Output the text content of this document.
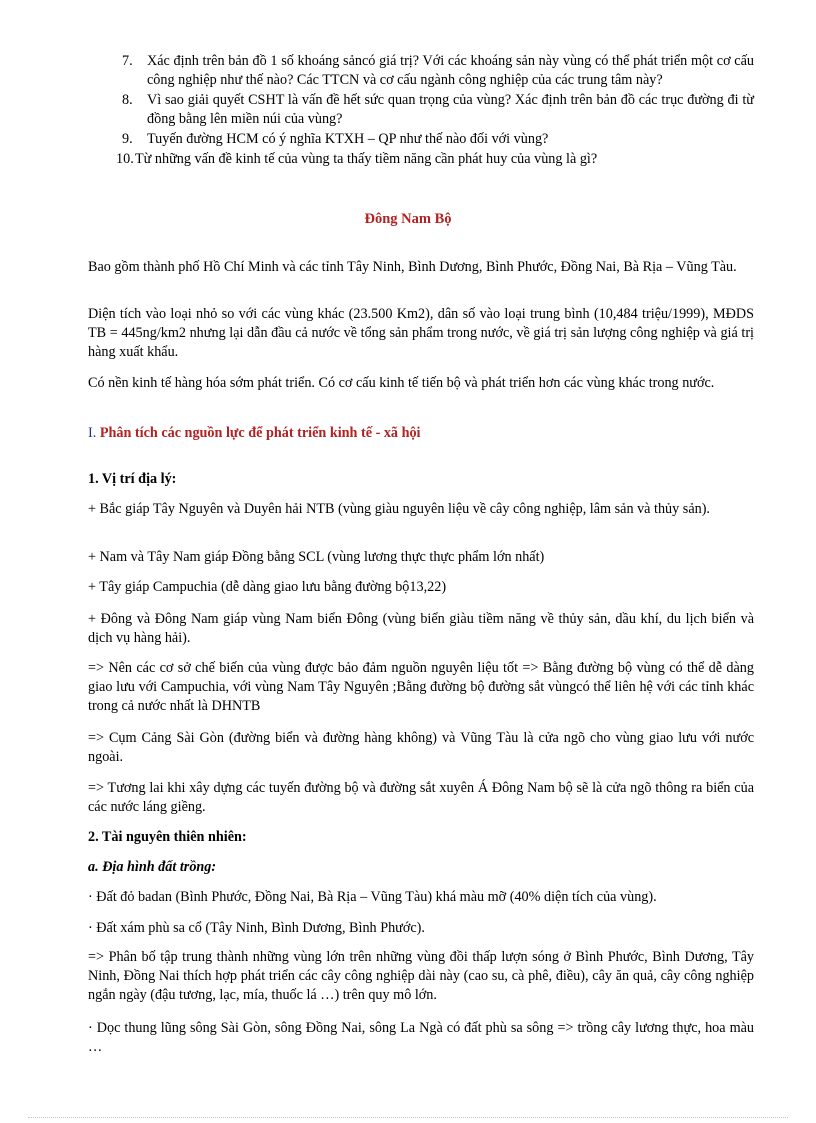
7. Xác định trên bản đồ 1 số khoáng sảncó giá trị? Với các khoáng sản này vùng có thể phát triển một cơ cấu công nghiệp như thế nào? Các TTCN và cơ cấu ngành công nghiệp của các trung tâm này?
8. Vì sao giải quyết CSHT là vấn đề hết sức quan trọng của vùng? Xác định trên bản đồ các trục đường đi từ đồng bằng lên miền núi của vùng?
9. Tuyến đường HCM có ý nghĩa KTXH – QP như thế nào đối với vùng?
10. Từ những vấn đề kinh tế của vùng ta thấy tiềm năng cần phát huy của vùng là gì?
Đông Nam Bộ

Bao gồm thành phố Hồ Chí Minh và các tỉnh Tây Ninh, Bình Dương, Bình Phước, Đồng Nai, Bà Rịa – Vũng Tàu.

Diện tích vào loại nhỏ so với các vùng khác (23.500 Km2), dân số vào loại trung bình (10,484 triệu/1999), MĐDS TB = 445ng/km2 nhưng lại dẫn đầu cả nước về tổng sản phẩm trong nước, về giá trị sản lượng công nghiệp và giá trị hàng xuất khẩu.

Có nền kinh tế hàng hóa sớm phát triển. Có cơ cấu kinh tế tiến bộ và phát triển hơn các vùng khác trong nước.

I. Phân tích các nguồn lực để phát triển kinh tế - xã hội

1. Vị trí địa lý:

+ Bắc giáp Tây Nguyên và Duyên hải NTB (vùng giàu nguyên liệu về cây công nghiệp, lâm sản và thủy sản).

+ Nam và Tây Nam giáp Đồng bằng SCL (vùng lương thực thực phẩm lớn nhất)

+ Tây giáp Campuchia (dễ dàng giao lưu bằng đường bộ13,22)

+ Đông và Đông Nam giáp vùng Nam biển Đông (vùng biển giàu tiềm năng về thủy sản, dầu khí, du lịch biển và dịch vụ hàng hải).

=> Nên các cơ sở chế biến của vùng được bảo đảm nguồn nguyên liệu tốt => Bằng đường bộ vùng có thể dễ dàng giao lưu với Campuchia, với vùng Nam Tây Nguyên ;Bằng đường bộ đường sắt vùngcó thể liên hệ với các tỉnh khác trong cả nước nhất là DHNTB

=> Cụm Cảng Sài Gòn (đường biển và đường hàng không) và Vũng Tàu là cửa ngõ cho vùng giao lưu với nước ngoài.

=> Tương lai khi xây dựng các tuyến đường bộ và đường sắt xuyên Á Đông Nam bộ sẽ là cửa ngõ thông ra biển của các nước láng giềng.

2. Tài nguyên thiên nhiên:

a. Địa hình đất trồng:

· Đất đỏ badan (Bình Phước, Đồng Nai, Bà Rịa – Vũng Tàu) khá màu mỡ (40% diện tích của vùng).

· Đất xám phù sa cổ (Tây Ninh, Bình Dương, Bình Phước).

=> Phân bố tập trung thành những vùng lớn trên những vùng đồi thấp lượn sóng ở Bình Phước, Bình Dương, Tây Ninh, Đồng Nai thích hợp phát triển các cây công nghiệp dài này (cao su, cà phê, điều), cây ăn quả, cây công nghiệp ngắn ngày (đậu tương, lạc, mía, thuốc lá …) trên quy mô lớn.

· Dọc thung lũng sông Sài Gòn, sông Đồng Nai, sông La Ngà có đất phù sa sông => trồng cây lương thực, hoa màu …
